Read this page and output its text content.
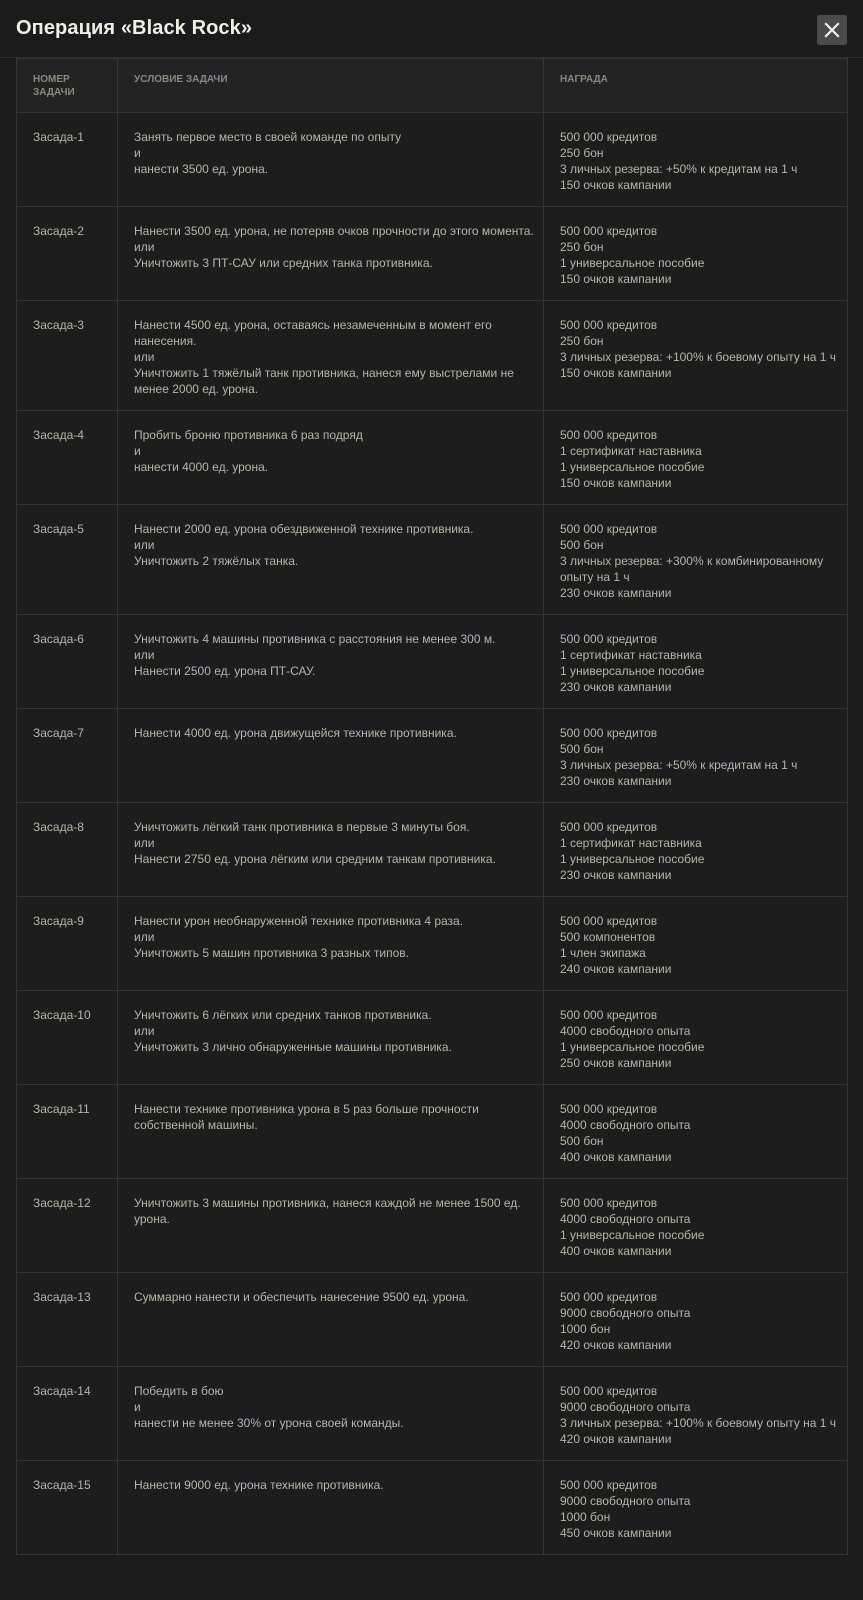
Операция «Black Rock»
НОМЕР ЗАДАЧИ	УСЛОВИЕ ЗАДАЧИ	НАГРАДА

Засада-1	Занять первое место в своей команде по опыту
и
нанести 3500 ед. урона.	500 000 кредитов
250 бон
3 личных резерва: +50% к кредитам на 1 ч
150 очков кампании

Засада-2	Нанести 3500 ед. урона, не потеряв очков прочности до этого момента.
или
Уничтожить 3 ПТ-САУ или средних танка противника.	500 000 кредитов
250 бон
1 универсальное пособие
150 очков кампании

Засада-3	Нанести 4500 ед. урона, оставаясь незамеченным в момент его
нанесения.
или
Уничтожить 1 тяжёлый танк противника, нанеся ему выстрелами не
менее 2000 ед. урона.	500 000 кредитов
250 бон
3 личных резерва: +100% к боевому опыту на 1 ч
150 очков кампании

Засада-4	Пробить броню противника 6 раз подряд
и
нанести 4000 ед. урона.	500 000 кредитов
1 сертификат наставника
1 универсальное пособие
150 очков кампании

Засада-5	Нанести 2000 ед. урона обездвиженной технике противника.
или
Уничтожить 2 тяжёлых танка.	500 000 кредитов
500 бон
3 личных резерва: +300% к комбинированному
опыту на 1 ч
230 очков кампании

Засада-6	Уничтожить 4 машины противника с расстояния не менее 300 м.
или
Нанести 2500 ед. урона ПТ-САУ.	500 000 кредитов
1 сертификат наставника
1 универсальное пособие
230 очков кампании

Засада-7	Нанести 4000 ед. урона движущейся технике противника.	500 000 кредитов
500 бон
3 личных резерва: +50% к кредитам на 1 ч
230 очков кампании

Засада-8	Уничтожить лёгкий танк противника в первые 3 минуты боя.
или
Нанести 2750 ед. урона лёгким или средним танкам противника.	500 000 кредитов
1 сертификат наставника
1 универсальное пособие
230 очков кампании

Засада-9	Нанести урон необнаруженной технике противника 4 раза.
или
Уничтожить 5 машин противника 3 разных типов.	500 000 кредитов
500 компонентов
1 член экипажа
240 очков кампании

Засада-10	Уничтожить 6 лёгких или средних танков противника.
или
Уничтожить 3 лично обнаруженные машины противника.	500 000 кредитов
4000 свободного опыта
1 универсальное пособие
250 очков кампании

Засада-11	Нанести технике противника урона в 5 раз больше прочности
собственной машины.	500 000 кредитов
4000 свободного опыта
500 бон
400 очков кампании

Засада-12	Уничтожить 3 машины противника, нанеся каждой не менее 1500 ед.
урона.	500 000 кредитов
4000 свободного опыта
1 универсальное пособие
400 очков кампании

Засада-13	Суммарно нанести и обеспечить нанесение 9500 ед. урона.	500 000 кредитов
9000 свободного опыта
1000 бон
420 очков кампании

Засада-14	Победить в бою
и
нанести не менее 30% от урона своей команды.	500 000 кредитов
9000 свободного опыта
3 личных резерва: +100% к боевому опыту на 1 ч
420 очков кампании

Засада-15	Нанести 9000 ед. урона технике противника.	500 000 кредитов
9000 свободного опыта
1000 бон
450 очков кампании
